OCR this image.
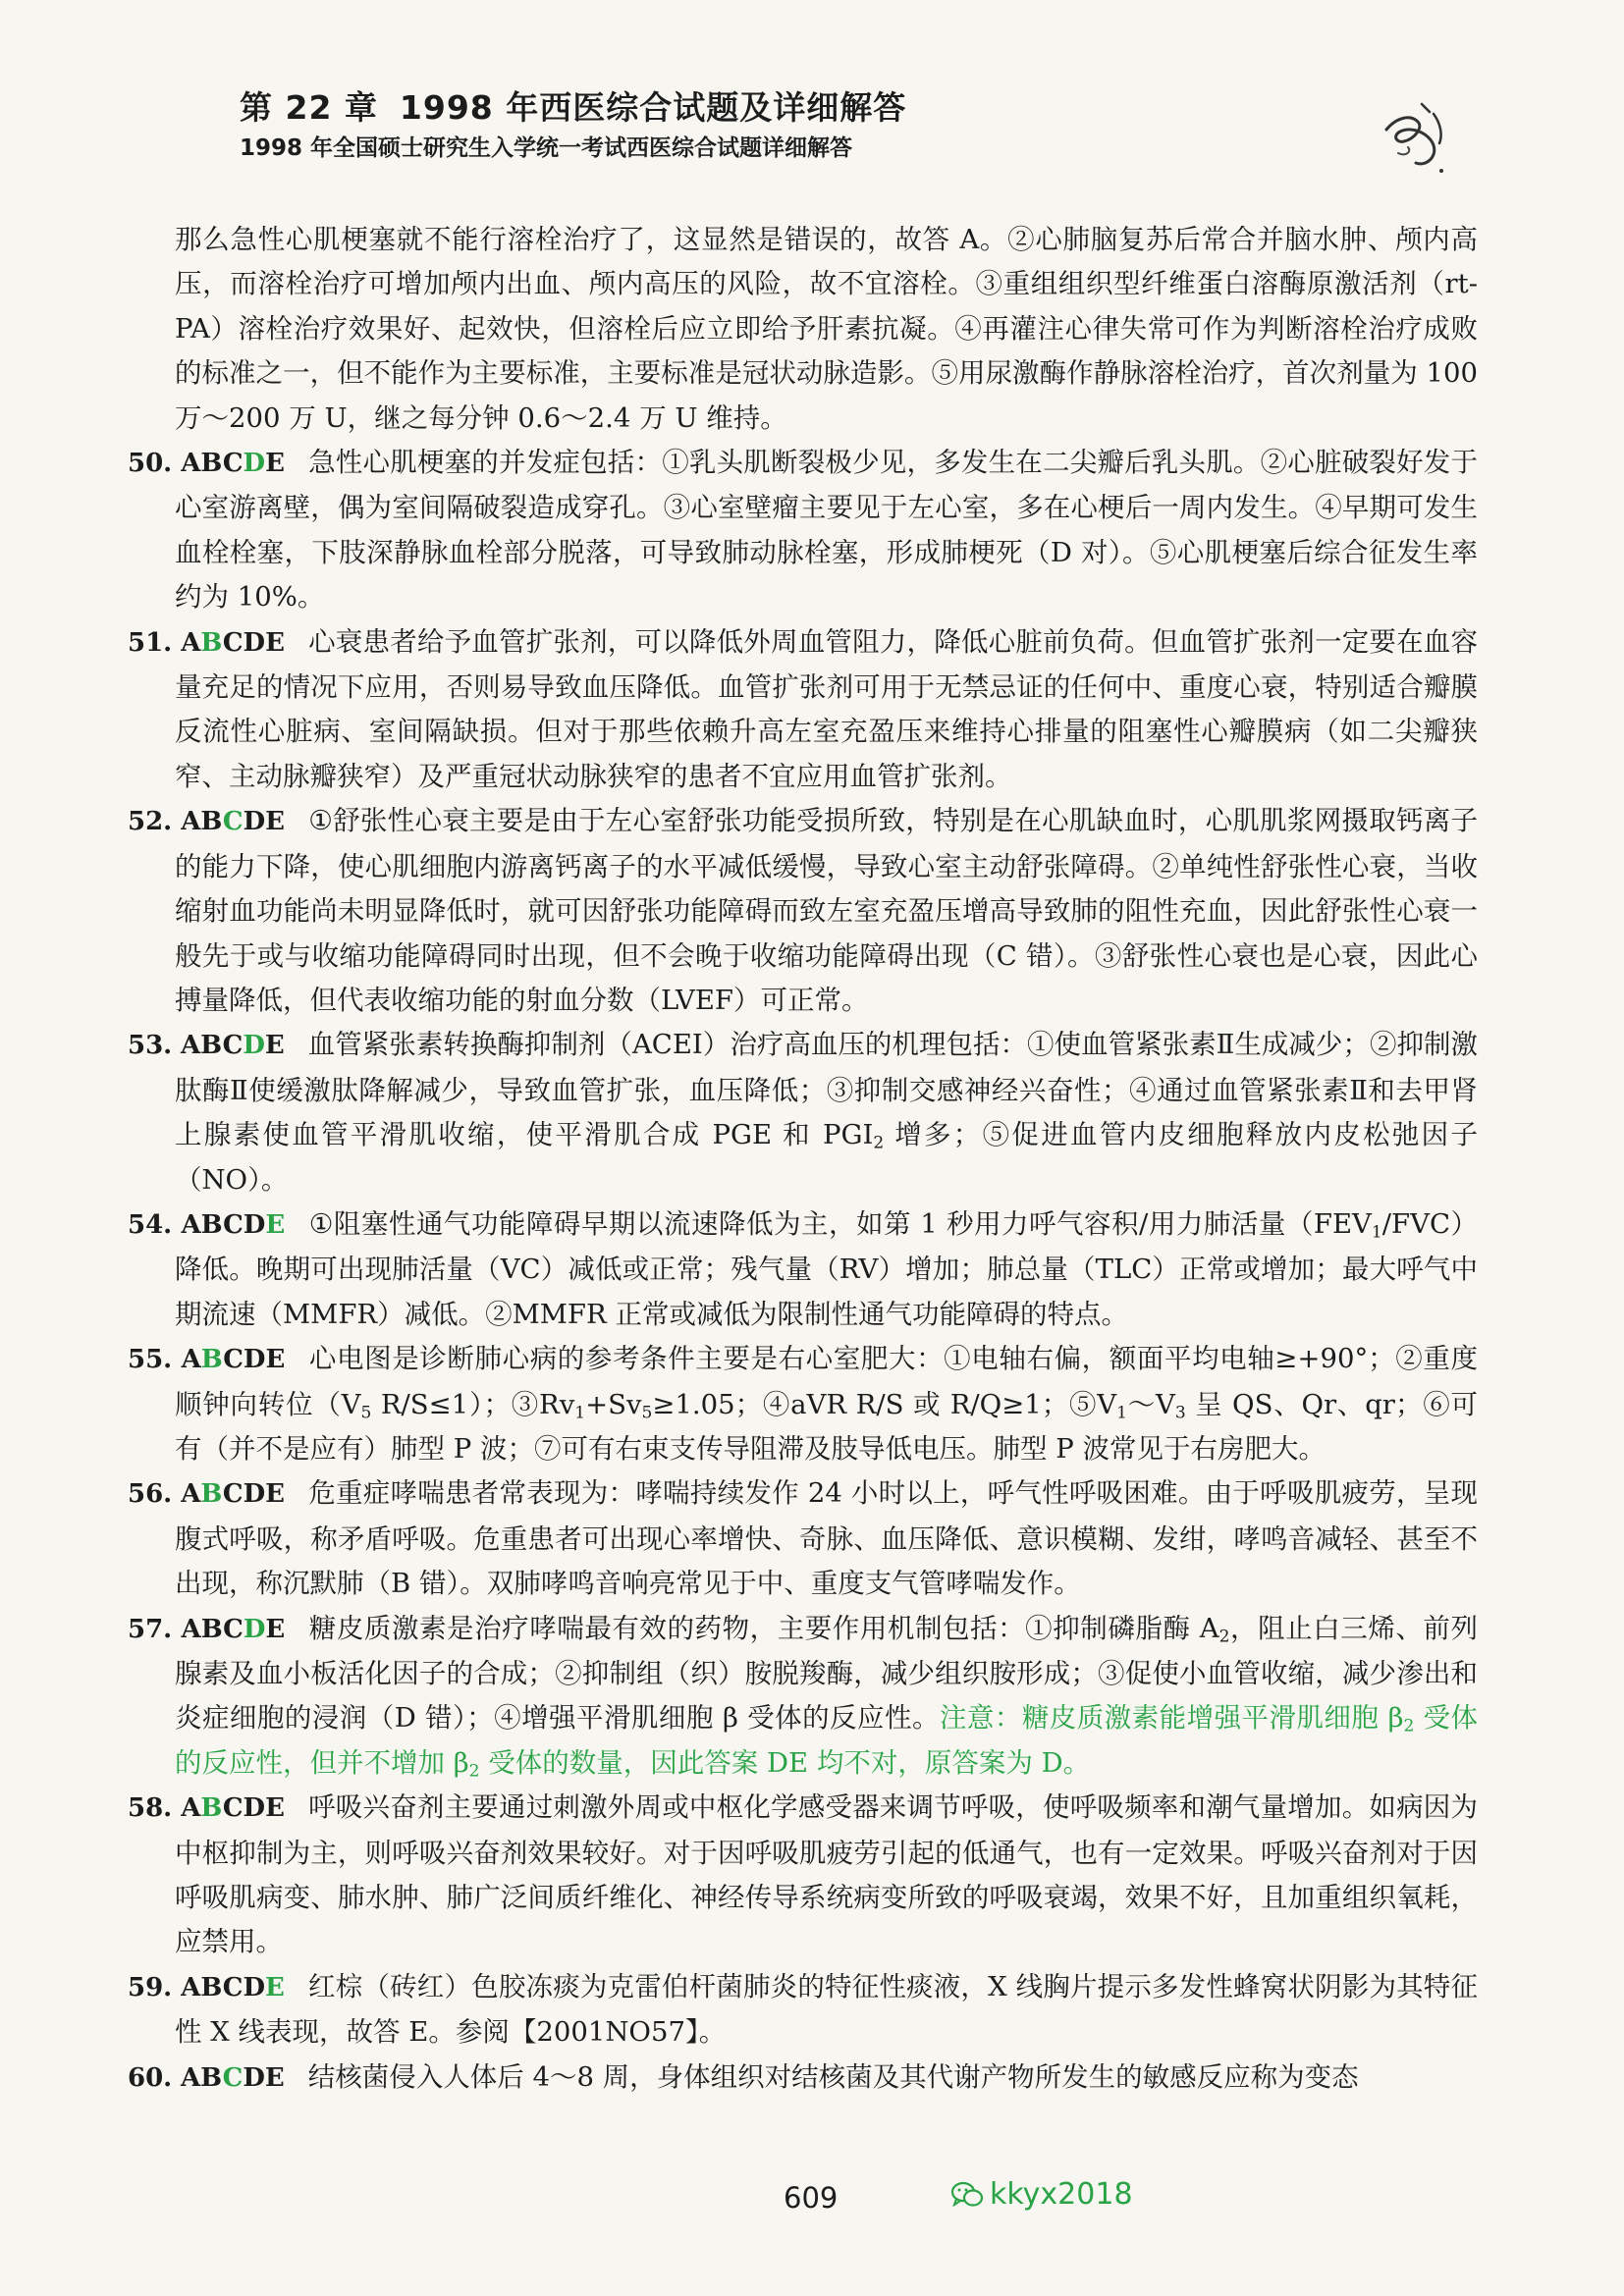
第 22 章 1998 年西医综合试题及详细解答
1998 年全国硕士研究生入学统一考试西医综合试题详细解答

那么急性心肌梗塞就不能行溶栓治疗了，这显然是错误的，故答 A。②心肺脑复苏后常合并脑水肿、颅内高压，而溶栓治疗可增加颅内出血、颅内高压的风险，故不宜溶栓。③重组组织型纤维蛋白溶酶原激活剂（rt-PA）溶栓治疗效果好、起效快，但溶栓后应立即给予肝素抗凝。④再灌注心律失常可作为判断溶栓治疗成败的标准之一，但不能作为主要标准，主要标准是冠状动脉造影。⑤用尿激酶作静脉溶栓治疗，首次剂量为 100 万～200 万 U，继之每分钟 0.6～2.4 万 U 维持。

50. ABCDE 急性心肌梗塞的并发症包括：①乳头肌断裂极少见，多发生在二尖瓣后乳头肌。②心脏破裂好发于心室游离壁，偶为室间隔破裂造成穿孔。③心室壁瘤主要见于左心室，多在心梗后一周内发生。④早期可发生血栓栓塞，下肢深静脉血栓部分脱落，可导致肺动脉栓塞，形成肺梗死（D 对）。⑤心肌梗塞后综合征发生率约为 10%。

51. ABCDE 心衰患者给予血管扩张剂，可以降低外周血管阻力，降低心脏前负荷。但血管扩张剂一定要在血容量充足的情况下应用，否则易导致血压降低。血管扩张剂可用于无禁忌证的任何中、重度心衰，特别适合瓣膜反流性心脏病、室间隔缺损。但对于那些依赖升高左室充盈压来维持心排量的阻塞性心瓣膜病（如二尖瓣狭窄、主动脉瓣狭窄）及严重冠状动脉狭窄的患者不宜应用血管扩张剂。

52. ABCDE ①舒张性心衰主要是由于左心室舒张功能受损所致，特别是在心肌缺血时，心肌肌浆网摄取钙离子的能力下降，使心肌细胞内游离钙离子的水平减低缓慢，导致心室主动舒张障碍。②单纯性舒张性心衰，当收缩射血功能尚未明显降低时，就可因舒张功能障碍而致左室充盈压增高导致肺的阻性充血，因此舒张性心衰一般先于或与收缩功能障碍同时出现，但不会晚于收缩功能障碍出现（C 错）。③舒张性心衰也是心衰，因此心搏量降低，但代表收缩功能的射血分数（LVEF）可正常。

53. ABCDE 血管紧张素转换酶抑制剂（ACEI）治疗高血压的机理包括：①使血管紧张素Ⅱ生成减少；②抑制激肽酶Ⅱ使缓激肽降解减少，导致血管扩张，血压降低；③抑制交感神经兴奋性；④通过血管紧张素Ⅱ和去甲肾上腺素使血管平滑肌收缩，使平滑肌合成 PGE 和 $PGI_2$ 增多；⑤促进血管内皮细胞释放内皮松弛因子（NO）。

54. ABCDE ①阻塞性通气功能障碍早期以流速降低为主，如第 1 秒用力呼气容积/用力肺活量$(FEV_1/FVC)$降低。晚期可出现肺活量（VC）减低或正常；残气量（RV）增加；肺总量（TLC）正常或增加；最大呼气中期流速（MMFR）减低。②MMFR 正常或减低为限制性通气功能障碍的特点。

55. ABCDE 心电图是诊断肺心病的参考条件主要是右心室肥大：①电轴右偏，额面平均电轴≥+90°；②重度顺钟向转位（$V_5$ R/S≤1）；$③Rv_1+Sv_5\ge 1.05$；④aVR R/S 或 R/Q≥1；$⑤V_1\sim V_3$ 呈 QS、Qr、qr；⑥可有（并不是应有）肺型 P 波；⑦可有右束支传导阻滞及肢导低电压。肺型 P 波常见于右房肥大。

56. ABCDE 危重症哮喘患者常表现为：哮喘持续发作 24 小时以上，呼气性呼吸困难。由于呼吸肌疲劳，呈现腹式呼吸，称矛盾呼吸。危重患者可出现心率增快、奇脉、血压降低、意识模糊、发绀，哮鸣音减轻、甚至不出现，称沉默肺（B 错）。双肺哮鸣音响亮常见于中、重度支气管哮喘发作。

57. ABCDE 糖皮质激素是治疗哮喘最有效的药物，主要作用机制包括：①抑制磷脂酶 $A_2$，阻止白三烯、前列腺素及血小板活化因子的合成；②抑制组（织）胺脱羧酶，减少组织胺形成；③促使小血管收缩，减少渗出和炎症细胞的浸润（D 错）；④增强平滑肌细胞 β 受体的反应性。注意：糖皮质激素能增强平滑肌细胞 $\beta_2$ 受体的反应性，但并不增加 $\beta_2$ 受体的数量，因此答案 DE 均不对，原答案为 D。

58. ABCDE 呼吸兴奋剂主要通过刺激外周或中枢化学感受器来调节呼吸，使呼吸频率和潮气量增加。如病因为中枢抑制为主，则呼吸兴奋剂效果较好。对于因呼吸肌疲劳引起的低通气，也有一定效果。呼吸兴奋剂对于因呼吸肌病变、肺水肿、肺广泛间质纤维化、神经传导系统病变所致的呼吸衰竭，效果不好，且加重组织氧耗，应禁用。

59. ABCDE 红棕（砖红）色胶冻痰为克雷伯杆菌肺炎的特征性痰液，X 线胸片提示多发性蜂窝状阴影为其特征性 X 线表现，故答 E。参阅【2001NO57】。

60. ABCDE 结核菌侵入人体后 4～8 周，身体组织对结核菌及其代谢产物所发生的敏感反应称为变态

609	kkyx2018
